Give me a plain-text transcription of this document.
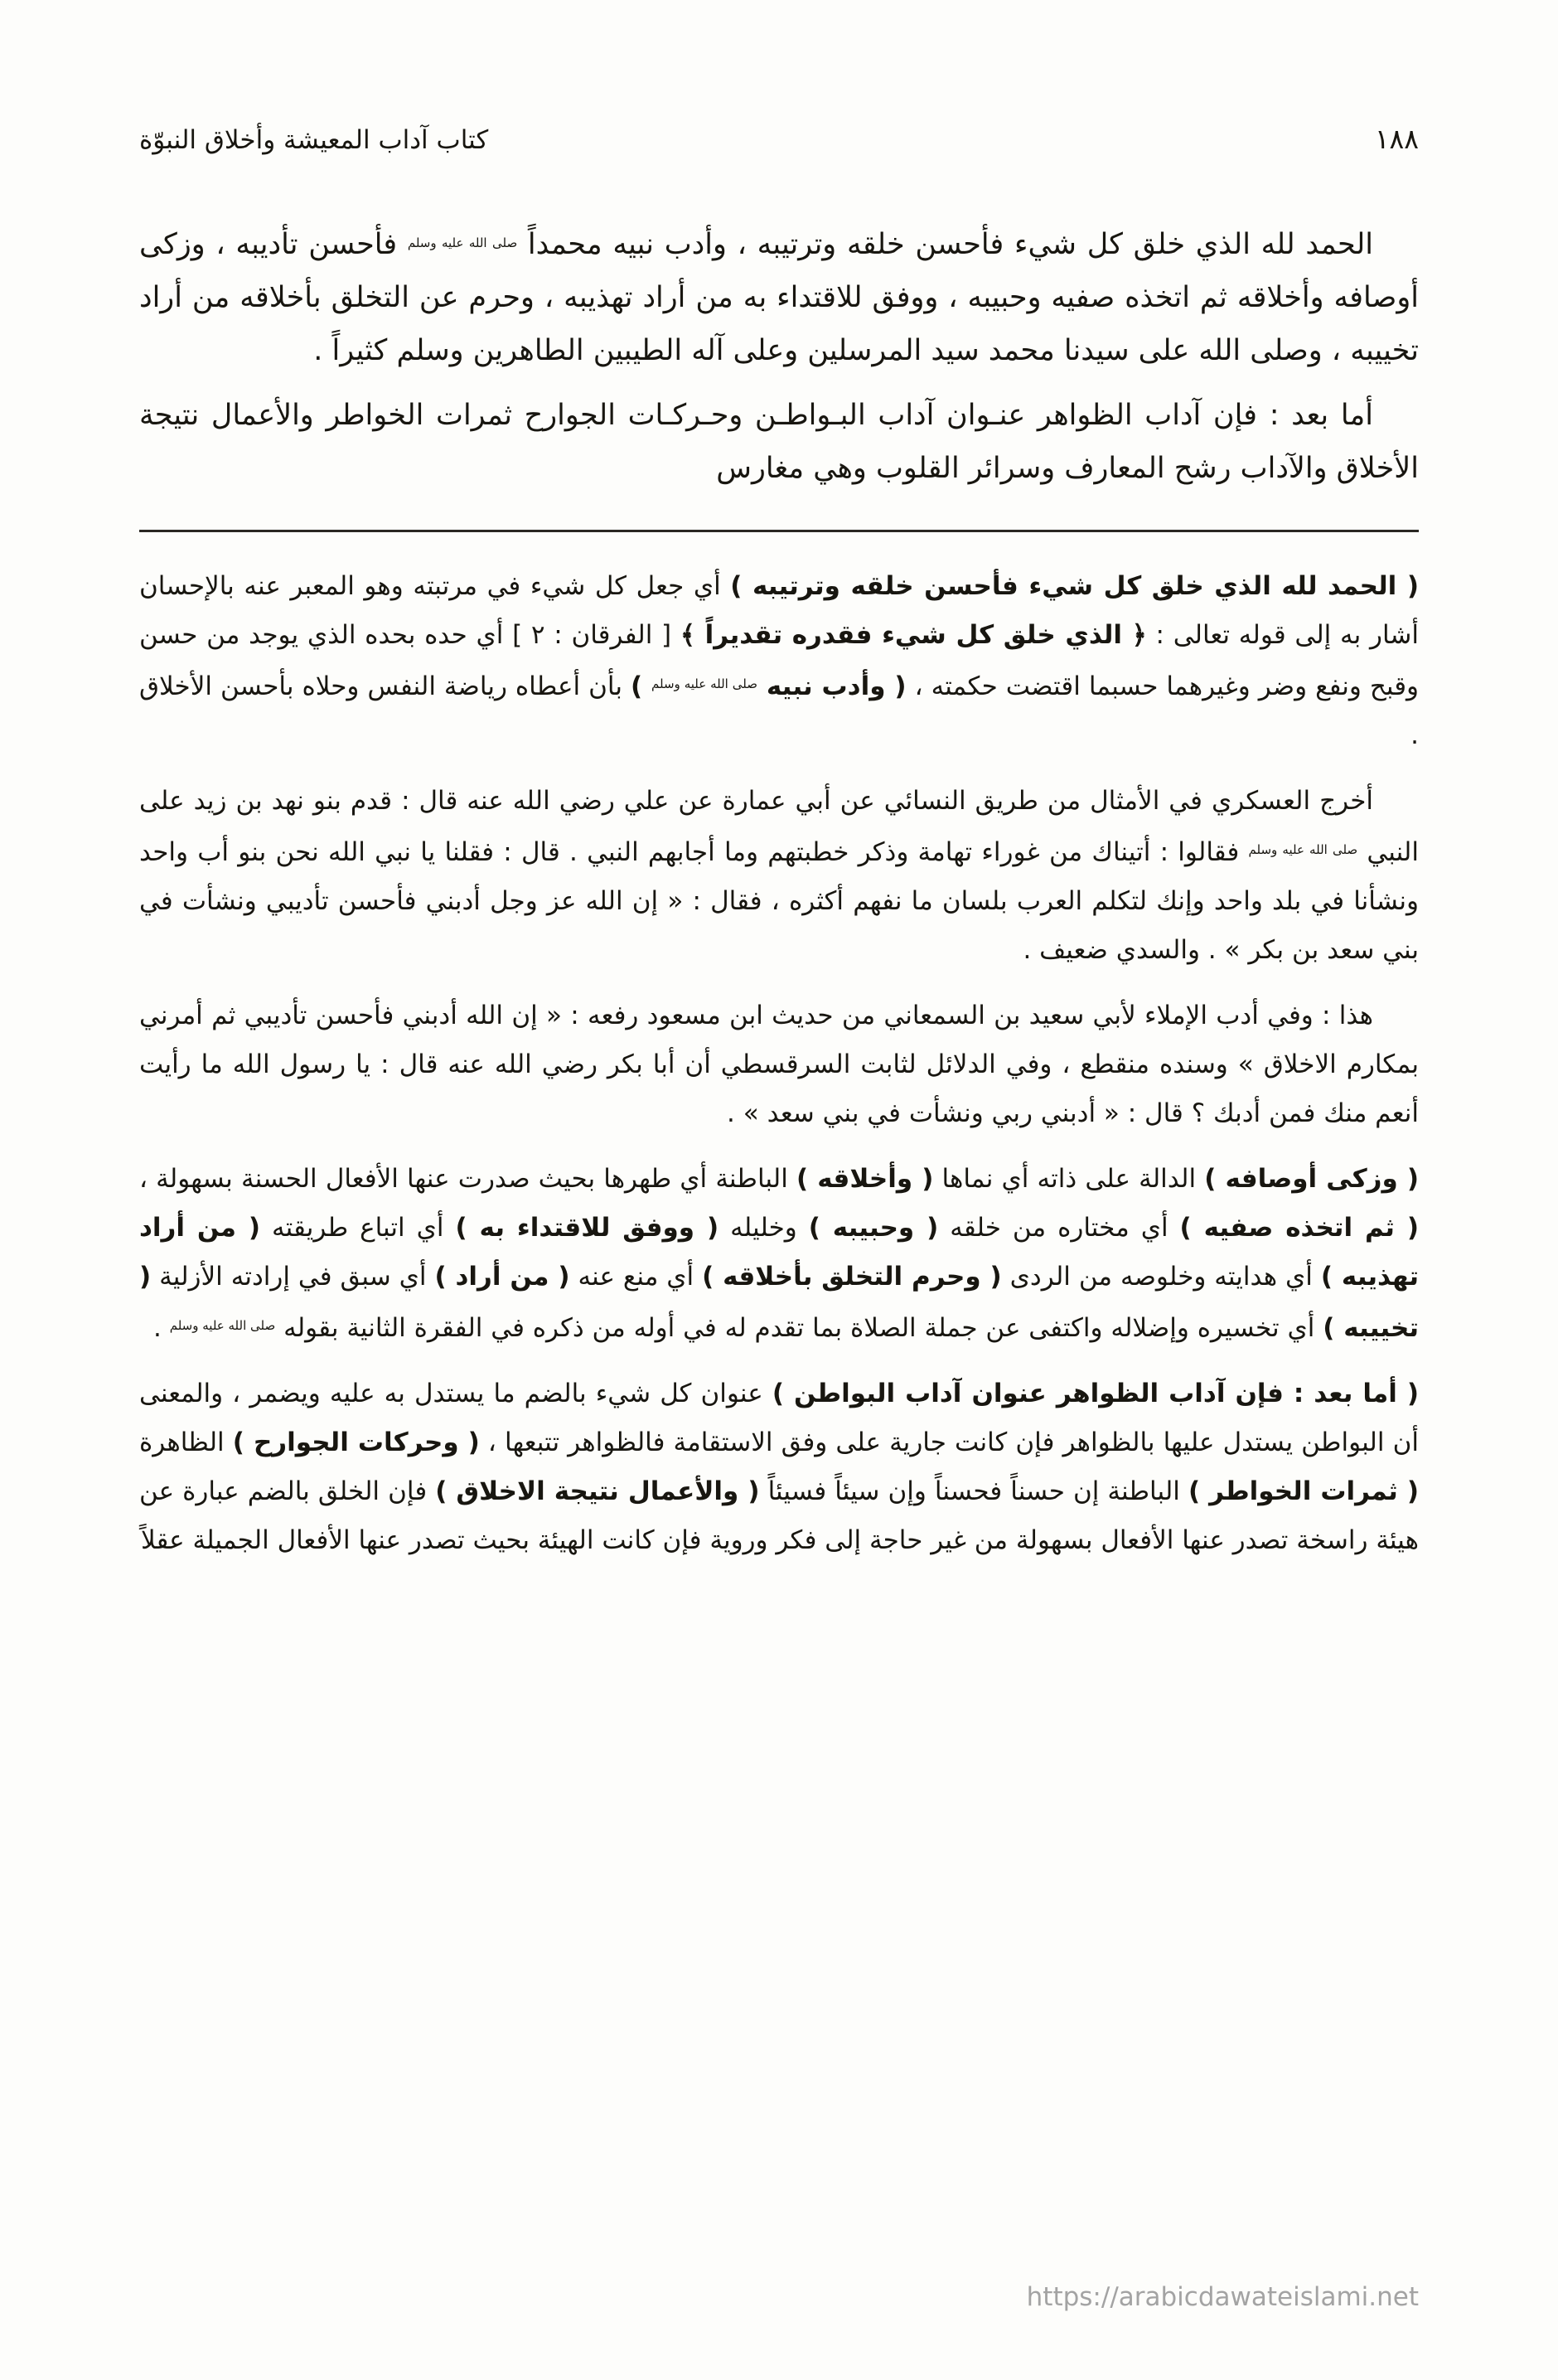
١٨٨
كتاب آداب المعيشة وأخلاق النبوّة

الحمد لله الذي خلق كل شيء فأحسن خلقه وترتيبه ، وأدب نبيه محمداً $^{صلى الله عليه وسلم}$ فأحسن تأديبه ، وزكى أوصافه وأخلاقه ثم اتخذه صفيه وحبيبه ، ووفق للاقتداء به من أراد تهذيبه ، وحرم عن التخلق بأخلاقه من أراد تخييبه ، وصلى الله على سيدنا محمد سيد المرسلين وعلى آله الطيبين الطاهرين وسلم كثيراً .

أما بعد : فإن آداب الظواهر عنـوان آداب البـواطـن وحـركـات الجوارح ثمرات الخواطر والأعمال نتيجة الأخلاق والآداب رشح المعارف وسرائر القلوب وهي مغارس

( الحمد لله الذي خلق كل شيء فأحسن خلقه وترتيبه ) أي جعل كل شيء في مرتبته وهو المعبر عنه بالإحسان أشار به إلى قوله تعالى : ﴿ الذي خلق كل شيء فقدره تقديراً ﴾ [ الفرقان : ٢ ] أي حده بحده الذي يوجد من حسن وقبح ونفع وضر وغيرهما حسبما اقتضت حكمته ، ( وأدب نبيه $^{صلى الله عليه وسلم}$ ) بأن أعطاه رياضة النفس وحلاه بأحسن الأخلاق .

أخرج العسكري في الأمثال من طريق النسائي عن أبي عمارة عن علي رضي الله عنه قال : قدم بنو نهد بن زيد على النبي $^{صلى الله عليه وسلم}$ فقالوا : أتيناك من غوراء تهامة وذكر خطبتهم وما أجابهم النبي . قال : فقلنا يا نبي الله نحن بنو أب واحد ونشأنا في بلد واحد وإنك لتكلم العرب بلسان ما نفهم أكثره ، فقال : « إن الله عز وجل أدبني فأحسن تأديبي ونشأت في بني سعد بن بكر » . والسدي ضعيف .

هذا : وفي أدب الإملاء لأبي سعيد بن السمعاني من حديث ابن مسعود رفعه : « إن الله أدبني فأحسن تأديبي ثم أمرني بمكارم الاخلاق » وسنده منقطع ، وفي الدلائل لثابت السرقسطي أن أبا بكر رضي الله عنه قال : يا رسول الله ما رأيت أنعم منك فمن أدبك ؟ قال : « أدبني ربي ونشأت في بني سعد » .

( وزكى أوصافه ) الدالة على ذاته أي نماها ( وأخلاقه ) الباطنة أي طهرها بحيث صدرت عنها الأفعال الحسنة بسهولة ، ( ثم اتخذه صفيه ) أي مختاره من خلقه ( وحبيبه ) وخليله ( ووفق للاقتداء به ) أي اتباع طريقته ( من أراد تهذيبه ) أي هدايته وخلوصه من الردى ( وحرم التخلق بأخلاقه ) أي منع عنه ( من أراد ) أي سبق في إرادته الأزلية ( تخييبه ) أي تخسيره وإضلاله واكتفى عن جملة الصلاة بما تقدم له في أوله من ذكره في الفقرة الثانية بقوله $^{صلى الله عليه وسلم}$ .

( أما بعد : فإن آداب الظواهر عنوان آداب البواطن ) عنوان كل شيء بالضم ما يستدل به عليه ويضمر ، والمعنى أن البواطن يستدل عليها بالظواهر فإن كانت جارية على وفق الاستقامة فالظواهر تتبعها ، ( وحركات الجوارح ) الظاهرة ( ثمرات الخواطر ) الباطنة إن حسناً فحسناً وإن سيئاً فسيئاً ( والأعمال نتيجة الاخلاق ) فإن الخلق بالضم عبارة عن هيئة راسخة تصدر عنها الأفعال بسهولة من غير حاجة إلى فكر وروية فإن كانت الهيئة بحيث تصدر عنها الأفعال الجميلة عقلاً

https://arabicdawateislami.net
